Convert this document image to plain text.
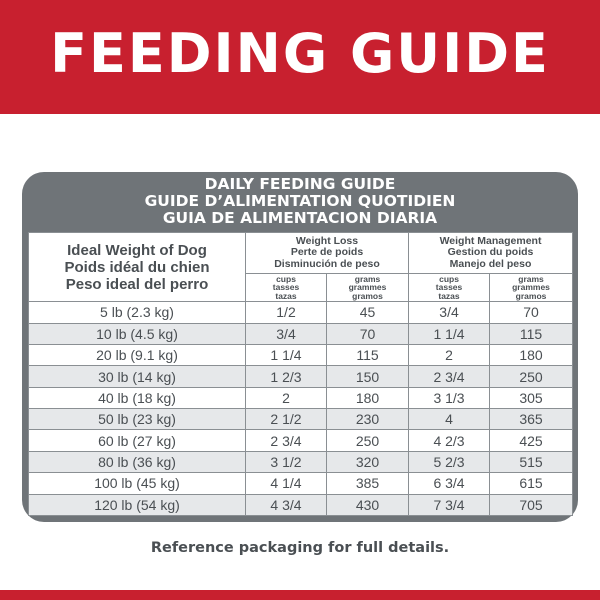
FEEDING GUIDE
DAILY FEEDING GUIDE
GUIDE D’ALIMENTATION QUOTIDIEN
GUIA DE ALIMENTACION DIARIA
Ideal Weight of Dog
Poids idéal du chien
Peso ideal del perro	Weight Loss
Perte de poids
Disminución de peso		Weight Management
Gestion du poids
Manejo del peso	

	cups
tasses
tazas	grams
grammes
gramos	cups
tasses
tazas	grams
grammes
gramos

5 lb (2.3 kg)	1/2	45	3/4	70
10 lb (4.5 kg)	3/4	70	1 1/4	115
20 lb (9.1 kg)	1 1/4	115	2	180
30 lb (14 kg)	1 2/3	150	2 3/4	250
40 lb (18 kg)	2	180	3 1/3	305
50 lb (23 kg)	2 1/2	230	4	365
60 lb (27 kg)	2 3/4	250	4 2/3	425
80 lb (36 kg)	3 1/2	320	5 2/3	515
100 lb (45 kg)	4 1/4	385	6 3/4	615
120 lb (54 kg)	4 3/4	430	7 3/4	705
Reference packaging for full details.
